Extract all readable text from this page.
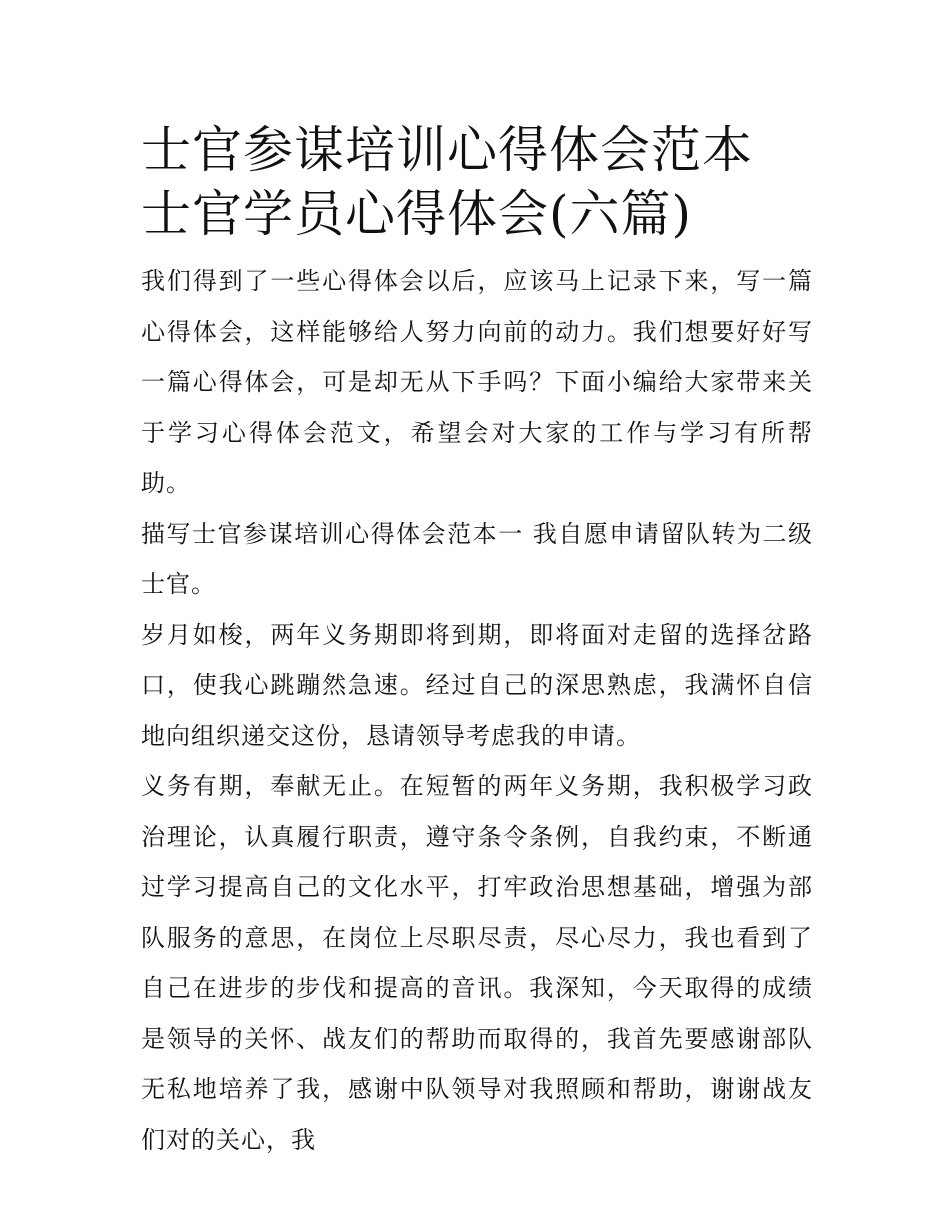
士官参谋培训心得体会范本 士官学员心得体会(六篇)

我们得到了一些心得体会以后，应该马上记录下来，写一篇心得体会，这样能够给人努力向前的动力。我们想要好好写一篇心得体会，可是却无从下手吗？下面小编给大家带来关于学习心得体会范文，希望会对大家的工作与学习有所帮助。

描写士官参谋培训心得体会范本一 我自愿申请留队转为二级士官。

岁月如梭，两年义务期即将到期，即将面对走留的选择岔路口，使我心跳蹦然急速。经过自己的深思熟虑，我满怀自信地向组织递交这份，恳请领导考虑我的申请。

义务有期，奉献无止。在短暂的两年义务期，我积极学习政治理论，认真履行职责，遵守条令条例，自我约束，不断通过学习提高自己的文化水平，打牢政治思想基础，增强为部队服务的意思，在岗位上尽职尽责，尽心尽力，我也看到了自己在进步的步伐和提高的音讯。我深知，今天取得的成绩是领导的关怀、战友们的帮助而取得的，我首先要感谢部队无私地培养了我，感谢中队领导对我照顾和帮助，谢谢战友们对的关心，我
